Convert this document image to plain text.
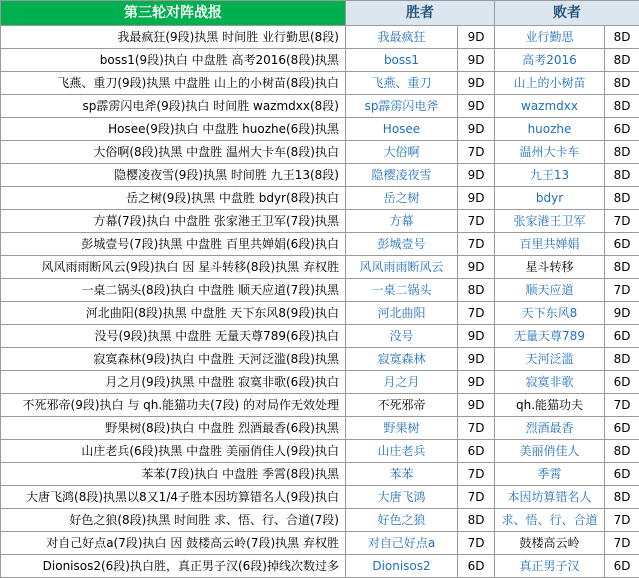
第三轮对阵战报	胜者		败者	
我最疯狂(9段)执黑 时间胜 业行勤思(8段)	我最疯狂	9D	业行勤思	8D
boss1(9段)执白 中盘胜 高考2016(8段)执黑	boss1	9D	高考2016	8D
飞燕、重刀(9段)执黑 中盘胜 山上的小树苗(8段)执白	飞燕、重刀	9D	山上的小树苗	8D
sp霹雳闪电斧(9段)执白 时间胜 wazmdxx(8段)	sp霹雳闪电斧	9D	wazmdxx	8D
Hosee(9段)执白 中盘胜 huozhe(6段)执黑	Hosee	9D	huozhe	6D
大俗啊(8段)执黑 中盘胜 温州大卡车(8段)执白	大俗啊	7D	温州大卡车	8D
隐樱凌夜雪(9段)执黑 时间胜 九王13(8段)	隐樱凌夜雪	9D	九王13	8D
岳之树(9段)执黑 中盘胜 bdyr(8段)执白	岳之树	9D	bdyr	8D
方幕(7段)执白 中盘胜 张家港王卫军(7段)执黑	方幕	7D	张家港王卫军	7D
彭城壹号(7段)执黑 中盘胜 百里共婵娟(6段)执白	彭城壹号	7D	百里共婵娟	6D
风风雨雨断风云(9段)执白 因 星斗转移(8段)执黑 弃权胜	风风雨雨断风云	9D	星斗转移	8D
一桌二锅头(8段)执白 中盘胜 顺天应道(7段)执黑	一桌二锅头	8D	顺天应道	7D
河北曲阳(8段)执黑 中盘胜 天下东风8(9段)执白	河北曲阳	7D	天下东风8	9D
没号(9段)执黑 中盘胜 无量天尊789(6段)执白	没号	9D	无量天尊789	6D
寂寞森林(9段)执白 中盘胜 天河泛滥(8段)执黑	寂寞森林	9D	天河泛滥	8D
月之月(9段)执黑 中盘胜 寂寞非歌(6段)执白	月之月	9D	寂寞非歌	6D
不死邪帝(9段)执白 与 qh.能猫功夫(7段) 的对局作无效处理	不死邪帝	9D	qh.能猫功夫	7D
野果树(8段)执白 中盘胜 烈酒最香(6段)执黑	野果树	7D	烈酒最香	6D
山庄老兵(6段)执黑 中盘胜 美丽俏佳人(9段)执白	山庄老兵	6D	美丽俏佳人	8D
苯苯(7段)执白 中盘胜 季霄(8段)执黑	苯苯	7D	季霄	6D
大唐飞鸿(8段)执黑以8又1/4子胜本因坊算错名人(9段)执白	大唐飞鸿	7D	本因坊算错名人	8D
好色之狼(8段)执黑 时间胜 求、悟、行、合道(7段)	好色之狼	8D	求、悟、行、合道	7D
对自己好点a(7段)执白 因 鼓楼高云岭(7段)执黑 弃权胜	对自己好点a	7D	鼓楼高云岭	7D
Dionisos2(6段)执白胜，真正男子汉(6段)掉线次数过多	Dionisos2	6D	真正男子汉	6D
